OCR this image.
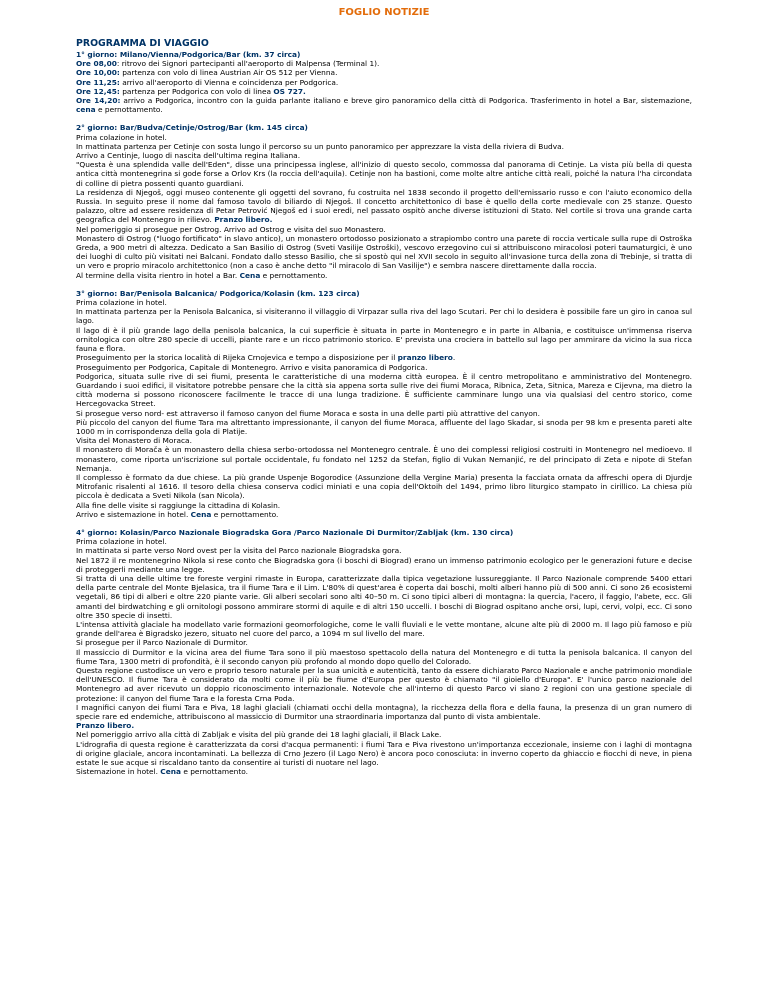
FOGLIO NOTIZIE
PROGRAMMA DI VIAGGIO

1° giorno: Milano/Vienna/Podgorica/Bar (km. 37 circa)

Ore 08,00: ritrovo dei Signori partecipanti all'aeroporto di Malpensa (Terminal 1).

Ore 10,00: partenza con volo di linea Austrian Air OS 512 per Vienna.

Ore 11,25: arrivo all'aeroporto di Vienna e coincidenza per Podgorica.

Ore 12,45: partenza per Podgorica con volo di linea OS 727.

Ore 14,20: arrivo a Podgorica, incontro con la guida parlante italiano e breve giro panoramico della città di Podgorica. Trasferimento in hotel a Bar, sistemazione, cena e pernottamento.

2° giorno: Bar/Budva/Cetinje/Ostrog/Bar (km. 145 circa)

Prima colazione in hotel.

In mattinata partenza per Cetinje con sosta lungo il percorso su un punto panoramico per apprezzare la vista della riviera di Budva.

Arrivo a Centinje, luogo di nascita dell'ultima regina Italiana.

"Questa è una splendida valle dell'Eden", disse una principessa inglese, all'inizio di questo secolo, commossa dal panorama di Cetinje. La vista più bella di questa antica città montenegrina si gode forse a Orlov Krs (la roccia dell'aquila). Cetinje non ha bastioni, come molte altre antiche città reali, poiché la natura l'ha circondata di colline di pietra possenti quanto guardiani.

La residenza di Njegoš, oggi museo contenente gli oggetti del sovrano, fu costruita nel 1838 secondo il progetto dell'emissario russo e con l'aiuto economico della Russia. In seguito prese il nome dal famoso tavolo di biliardo di Njegoš. Il concetto architettonico di base è quello della corte medievale con 25 stanze. Questo palazzo, oltre ad essere residenza di Petar Petrović Njegoš ed i suoi eredi, nel passato ospitò anche diverse istituzioni di Stato. Nel cortile si trova una grande carta geografica del Montenegro in rilievo. Pranzo libero.

Nel pomeriggio si prosegue per Ostrog. Arrivo ad Ostrog e visita del suo Monastero.

Monastero di Ostrog ("luogo fortificato" in slavo antico), un monastero ortodosso posizionato a strapiombo contro una parete di roccia verticale sulla rupe di Ostroška Greda, a 900 metri di altezza. Dedicato a San Basilio di Ostrog (Sveti Vasilije Ostroški), vescovo erzegovino cui si attribuiscono miracolosi poteri taumaturgici, è uno dei luoghi di culto più visitati nei Balcani. Fondato dallo stesso Basilio, che si spostò qui nel XVII secolo in seguito all'invasione turca della zona di Trebinje, si tratta di un vero e proprio miracolo architettonico (non a caso è anche detto "il miracolo di San Vasilije") e sembra nascere direttamente dalla roccia.

Al termine della visita rientro in hotel a Bar. Cena e pernottamento.

3° giorno: Bar/Penisola Balcanica/ Podgorica/Kolasin (km. 123 circa)

Prima colazione in hotel.

In mattinata partenza per la Penisola Balcanica, si visiteranno il villaggio di Virpazar sulla riva del lago Scutari. Per chi lo desidera è possibile fare un giro in canoa sul lago.

Il lago di è il più grande lago della penisola balcanica, la cui superficie è situata in parte in Montenegro e in parte in Albania, e costituisce un'immensa riserva ornitologica con oltre 280 specie di uccelli, piante rare e un ricco patrimonio storico. E' prevista una crociera in battello sul lago per ammirare da vicino la sua ricca fauna e flora.

Proseguimento per la storica località di Rijeka Crnojevica e tempo a disposizione per il pranzo libero.

Proseguimento per Podgorica, Capitale di Montenegro. Arrivo e visita panoramica di Podgorica.

Podgorica, situata sulle rive di sei fiumi, presenta le caratteristiche di una moderna città europea. È il centro metropolitano e amministrativo del Montenegro. Guardando i suoi edifici, il visitatore potrebbe pensare che la città sia appena sorta sulle rive dei fiumi Moraca, Ribnica, Zeta, Sitnica, Mareza e Cijevna, ma dietro la città moderna si possono riconoscere facilmente le tracce di una lunga tradizione. È sufficiente camminare lungo una via qualsiasi del centro storico, come Hercegovacka Street.

Si prosegue verso nord- est attraverso il famoso canyon del fiume Moraca e sosta in una delle parti più attrattive del canyon.

Più piccolo del canyon del fiume Tara ma altrettanto impressionante, il canyon del fiume Moraca, affluente del lago Skadar, si snoda per 98 km e presenta pareti alte 1000 m in corrispondenza della gola di Platije.

Visita del Monastero di Moraca.

Il monastero di Morača è un monastero della chiesa serbo-ortodossa nel Montenegro centrale. È uno dei complessi religiosi costruiti in Montenegro nel medioevo. Il monastero, come riporta un'iscrizione sul portale occidentale, fu fondato nel 1252 da Stefan, figlio di Vukan Nemanjić, re del principato di Zeta e nipote di Stefan Nemanja.

Il complesso è formato da due chiese. La più grande Uspenje Bogorodice (Assunzione della Vergine Maria) presenta la facciata ornata da affreschi opera di Djurdje Mitrofanic risalenti al 1616. Il tesoro della chiesa conserva codici miniati e una copia dell'Oktoih del 1494, primo libro liturgico stampato in cirillico. La chiesa più piccola è dedicata a Sveti Nikola (san Nicola).

Alla fine delle visite si raggiunge la cittadina di Kolasin.

Arrivo e sistemazione in hotel. Cena e pernottamento.

4° giorno: Kolasin/Parco Nazionale Biogradska Gora /Parco Nazionale Di Durmitor/Zabljak (km. 130 circa)

Prima colazione in hotel.

In mattinata si parte verso Nord ovest per la visita del Parco nazionale Biogradska gora.

Nel 1872 il re montenegrino Nikola si rese conto che Biogradska gora (i boschi di Biograd) erano un immenso patrimonio ecologico per le generazioni future e decise di proteggerli mediante una legge.

Si tratta di una delle ultime tre foreste vergini rimaste in Europa, caratterizzate dalla tipica vegetazione lussureggiante. Il Parco Nazionale comprende 5400 ettari della parte centrale del Monte Bjelasica, tra il fiume Tara e il Lim. L'80% di quest'area è coperta dai boschi, molti alberi hanno più di 500 anni. Ci sono 26 ecosistemi vegetali, 86 tipi di alberi e oltre 220 piante varie. Gli alberi secolari sono alti 40–50 m. Ci sono tipici alberi di montagna: la quercia, l'acero, il faggio, l'abete, ecc. Gli amanti del birdwatching e gli ornitologi possono ammirare stormi di aquile e di altri 150 uccelli. I boschi di Biograd ospitano anche orsi, lupi, cervi, volpi, ecc. Ci sono oltre 350 specie di insetti.

L'intensa attività glaciale ha modellato varie formazioni geomorfologiche, come le valli fluviali e le vette montane, alcune alte più di 2000 m. Il lago più famoso e più grande dell'area è Bigradsko jezero, situato nel cuore del parco, a 1094 m sul livello del mare.

Si prosegue per il Parco Nazionale di Durmitor.

Il massiccio di Durmitor e la vicina area del fiume Tara sono il più maestoso spettacolo della natura del Montenegro e di tutta la penisola balcanica. Il canyon del fiume Tara, 1300 metri di profondità, è il secondo canyon più profondo al mondo dopo quello del Colorado.

Questa regione custodisce un vero e proprio tesoro naturale per la sua unicità e autenticità, tanto da essere dichiarato Parco Nazionale e anche patrimonio mondiale dell'UNESCO. Il fiume Tara è considerato da molti come il più be fiume d'Europa per questo è chiamato "il gioiello d'Europa". E' l'unico parco nazionale del Montenegro ad aver ricevuto un doppio riconoscimento internazionale. Notevole che all'interno di questo Parco vi siano 2 regioni con una gestione speciale di protezione: il canyon del fiume Tara e la foresta Crna Poda.

I magnifici canyon dei fiumi Tara e Piva, 18 laghi glaciali (chiamati occhi della montagna), la ricchezza della flora e della fauna, la presenza di un gran numero di specie rare ed endemiche, attribuiscono al massiccio di Durmitor una straordinaria importanza dal punto di vista ambientale.

Pranzo libero.

Nel pomeriggio arrivo alla città di Zabljak e visita del più grande dei 18 laghi glaciali, il Black Lake.

L'idrografia di questa regione è caratterizzata da corsi d'acqua permanenti: i fiumi Tara e Piva rivestono un'importanza eccezionale, insieme con i laghi di montagna di origine glaciale, ancora incontaminati. La bellezza di Crno Jezero (il Lago Nero) è ancora poco conosciuta: in inverno coperto da ghiaccio e fiocchi di neve, in piena estate le sue acque si riscaldano tanto da consentire ai turisti di nuotare nel lago.

Sistemazione in hotel. Cena e pernottamento.
